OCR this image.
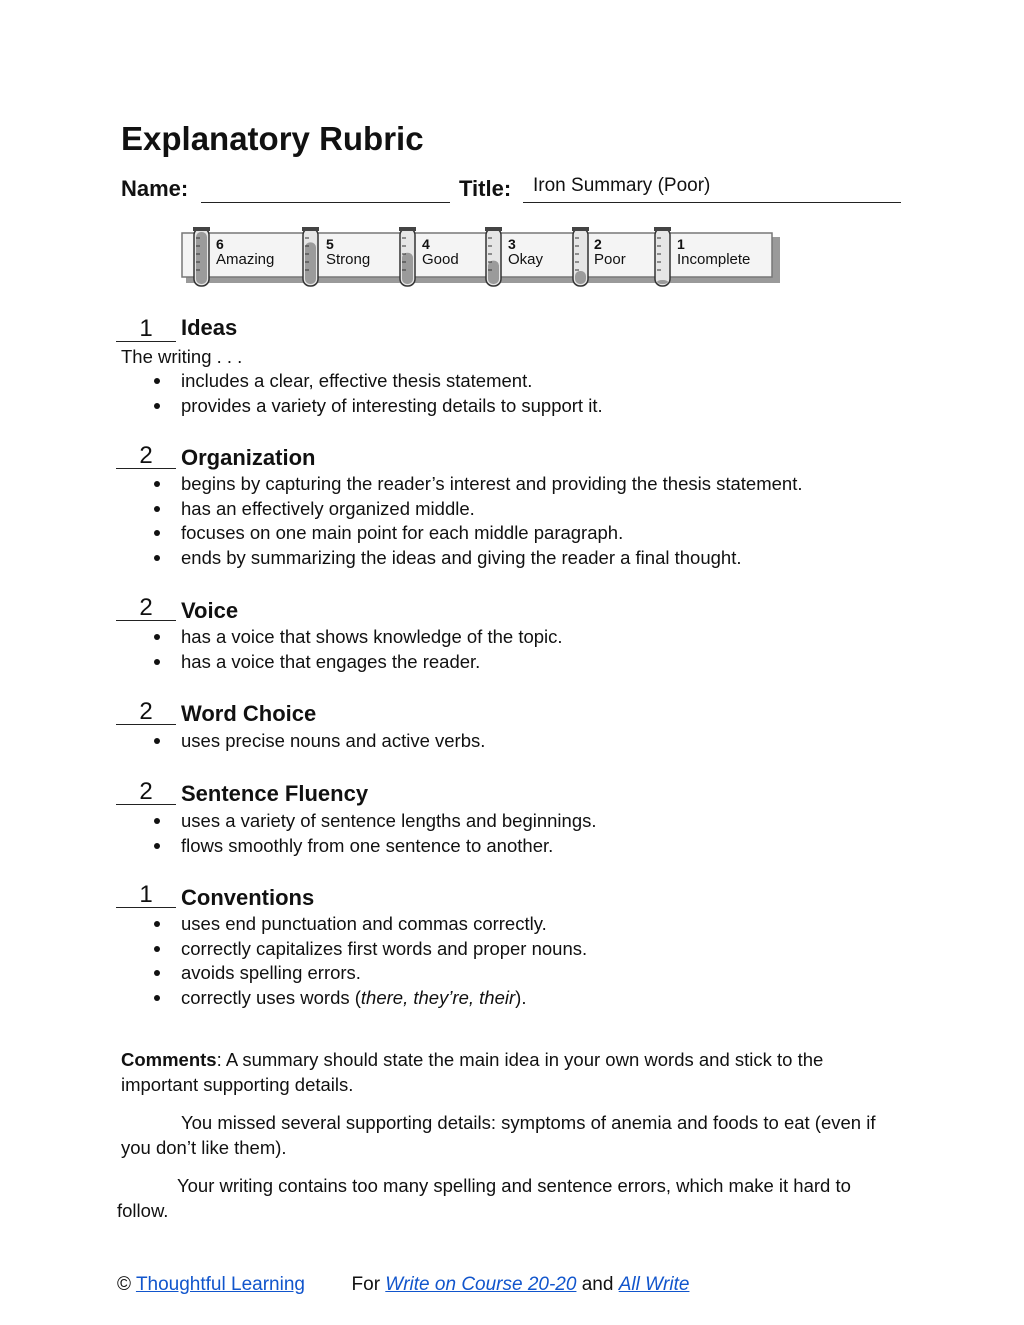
Explanatory Rubric
Name:	Title: Iron Summary (Poor)
6
Amazing
5
Strong
4
Good
3
Okay
2
Poor
1
Incomplete
1	Ideas
The writing . . .
includes a clear, effective thesis statement.
provides a variety of interesting details to support it.
2	Organization
begins by capturing the reader’s interest and providing the thesis statement.
has an effectively organized middle.
focuses on one main point for each middle paragraph.
ends by summarizing the ideas and giving the reader a final thought.
2	Voice
has a voice that shows knowledge of the topic.
has a voice that engages the reader.
2	Word Choice
uses precise nouns and active verbs.
2	Sentence Fluency
uses a variety of sentence lengths and beginnings.
flows smoothly from one sentence to another.
1	Conventions
uses end punctuation and commas correctly.
correctly capitalizes first words and proper nouns.
avoids spelling errors.
correctly uses words (there, they’re, their).
Comments: A summary should state the main idea in your own words and stick to the important supporting details.
You missed several supporting details: symptoms of anemia and foods to eat (even if you don’t like them).
Your writing contains too many spelling and sentence errors, which make it hard to follow.
© Thoughtful Learning For Write on Course 20-20 and All Write
